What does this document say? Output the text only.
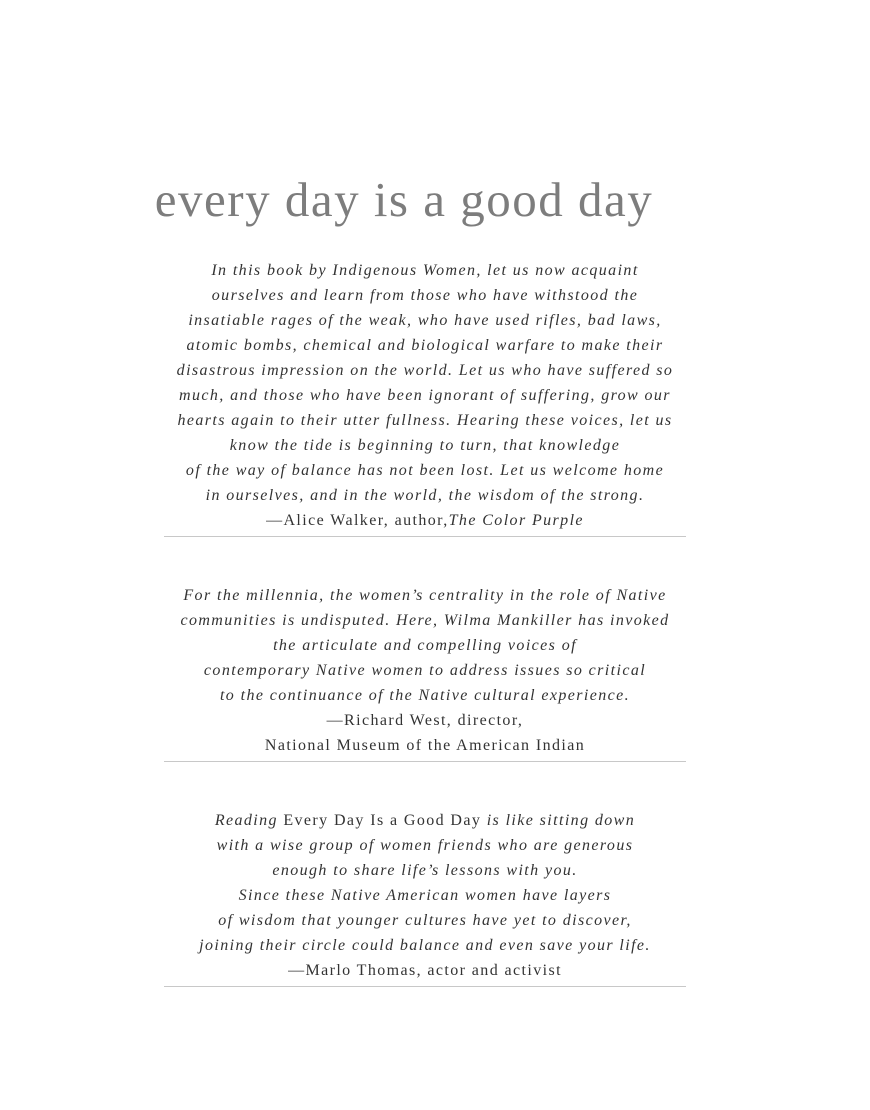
every day is a good day
In this book by Indigenous Women, let us now acquaint
ourselves and learn from those who have withstood the
insatiable rages of the weak, who have used rifles, bad laws,
atomic bombs, chemical and biological warfare to make their
disastrous impression on the world. Let us who have suffered so
much, and those who have been ignorant of suffering, grow our
hearts again to their utter fullness. Hearing these voices, let us
know the tide is beginning to turn, that knowledge
of the way of balance has not been lost. Let us welcome home
in ourselves, and in the world, the wisdom of the strong.
—Alice Walker, author,The Color Purple
For the millennia, the women’s centrality in the role of Native
communities is undisputed. Here, Wilma Mankiller has invoked
the articulate and compelling voices of
contemporary Native women to address issues so critical
to the continuance of the Native cultural experience.
—Richard West, director,
National Museum of the American Indian
Reading Every Day Is a Good Day is like sitting down
with a wise group of women friends who are generous
enough to share life’s lessons with you.
Since these Native American women have layers
of wisdom that younger cultures have yet to discover,
joining their circle could balance and even save your life.
—Marlo Thomas, actor and activist
